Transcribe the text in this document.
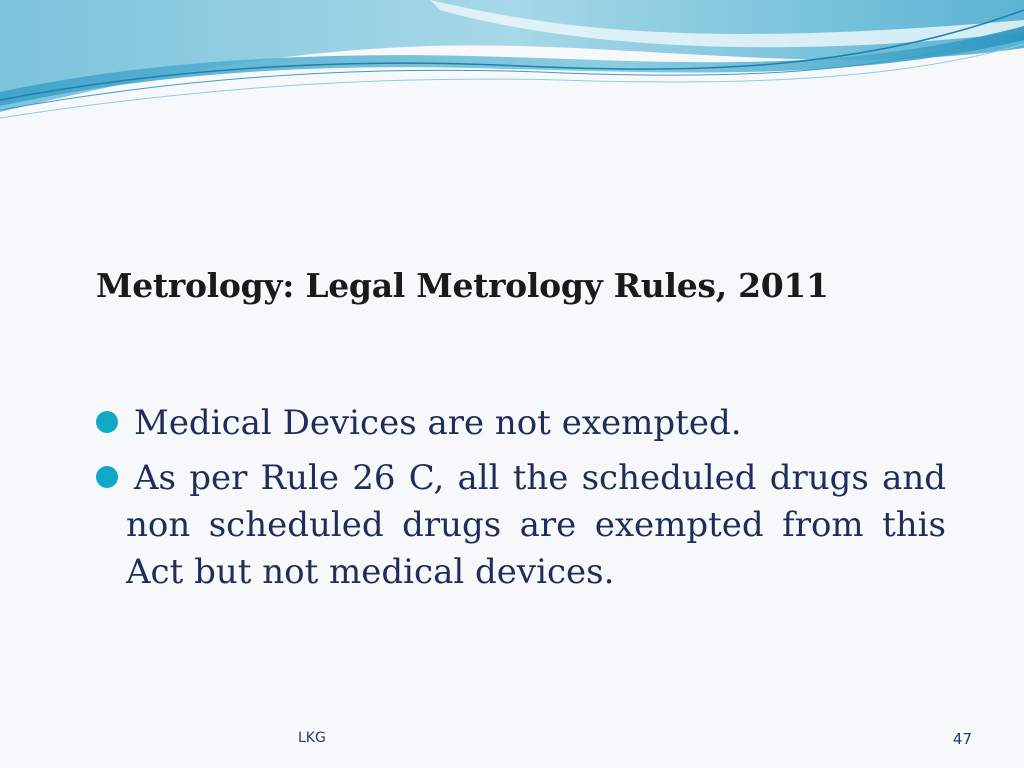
Metrology: Legal Metrology Rules, 2011
Medical Devices are not exempted.
As per Rule 26 C, all the scheduled drugs and non scheduled drugs are exempted from this Act but not medical devices.
LKG	47
